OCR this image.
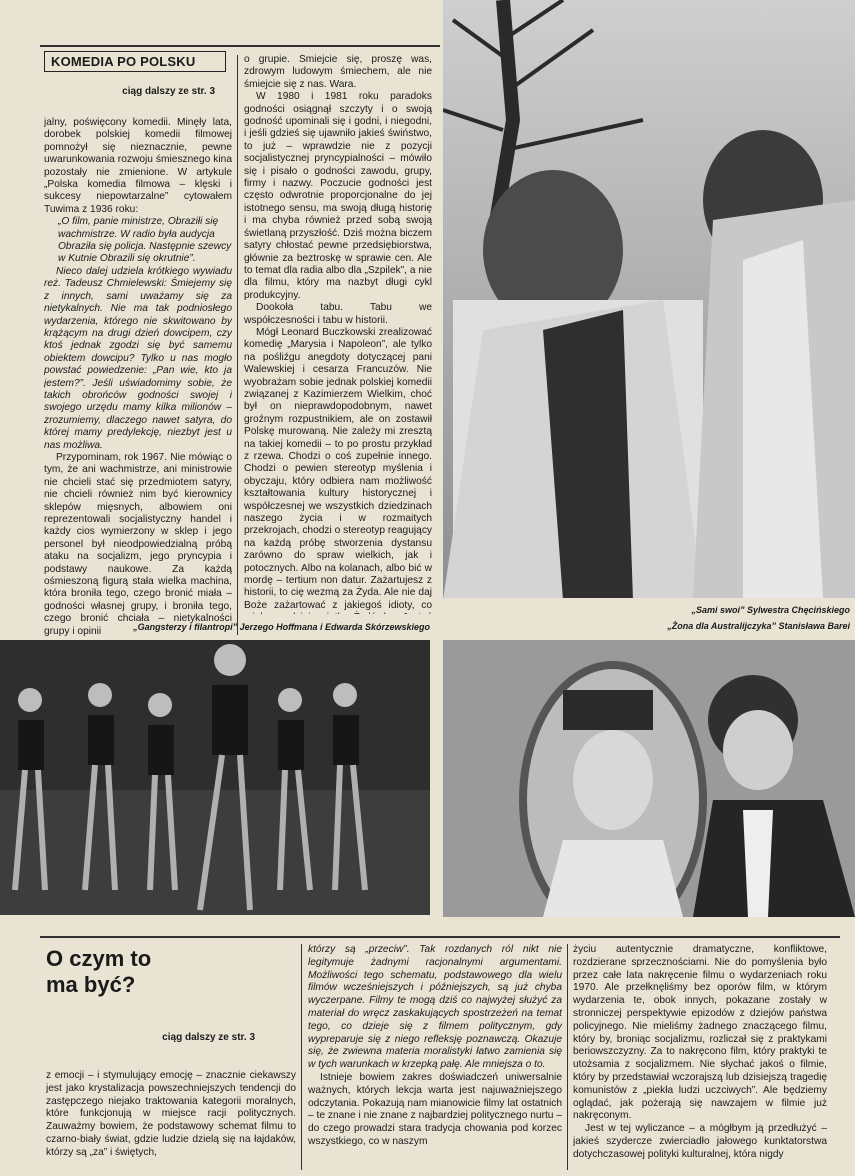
KOMEDIA PO POLSKU
ciąg dalszy ze str. 3

jalny, poświęcony komedii. Minęły lata, dorobek polskiej komedii filmowej pomnożył się nieznacznie, pewne uwarunkowania rozwoju śmiesznego kina pozostały nie zmienione. W artykule „Polska komedia filmowa – klęski i sukcesy niepowtarzalne” cytowałem Tuwima z 1936 roku:

„O film, panie ministrze, Obraziłi się wachmistrze. W radio była audycja Obraziła się policja. Następnie szewcy w Kutnie Obrazili się okrutnie”.

Nieco dalej udziela krótkiego wywiadu reż. Tadeusz Chmielewski: Śmiejemy się z innych, sami uważamy się za nietykalnych. Nie ma tak podniosłego wydarzenia, którego nie skwitowano by krążącym na drugi dzień dowcipem, czy ktoś jednak zgodzi się być samemu obiektem dowcipu? Tylko u nas mogło powstać powiedzenie: „Pan wie, kto ja jestem?”. Jeśli uświadomimy sobie, że takich obrońców godności swojej i swojego urzędu mamy kilka milionów – zrozumiemy, dlaczego nawet satyra, do której mamy predylekcję, niezbyt jest u nas możliwa.

Przypominam, rok 1967. Nie mówiąc o tym, że ani wachmistrze, ani ministrowie nie chcieli stać się przedmiotem satyry, nie chcieli również nim być kierownicy sklepów mięsnych, albowiem oni reprezentowali socjalistyczny handel i każdy cios wymierzony w sklep i jego personel był nieodpowiedzialną próbą ataku na socjalizm, jego pryncypia i podstawy naukowe. Za każdą ośmieszoną figurą stała wielka machina, która broniła tego, czego bronić miała – godności własnej grupy, i broniła tego, czego bronić chciała – nietykalności grupy i opinii

o grupie. Śmiejcie się, proszę was, zdrowym ludowym śmiechem, ale nie śmiejcie się z nas. Wara.

W 1980 i 1981 roku paradoks godności osiągnął szczyty i o swoją godność upominali się i godni, i niegodni, i jeśli gdzieś się ujawniło jakieś świństwo, to już – wprawdzie nie z pozycji socjalistycznej pryncypialności – mówiło się i pisało o godności zawodu, grupy, firmy i nazwy. Poczucie godności jest często odwrotnie proporcjonalne do jej istotnego sensu, ma swoją długą historię i ma chyba również przed sobą swoją świetlaną przyszłość. Dziś można biczem satyry chłostać pewne przedsiębiorstwa, głównie za beztroskę w sprawie cen. Ale to temat dla radia albo dla „Szpilek”, a nie dla filmu, który ma nazbyt długi cykl produkcyjny.

Dookoła tabu. Tabu we współczesności i tabu w historii.

Mógł Leonard Buczkowski zrealizować komedię „Marysia i Napoleon”, ale tylko na pośliźgu anegdoty dotyczącej pani Walewskiej i cesarza Francuzów. Nie wyobrażam sobie jednak polskiej komedii związanej z Kazimierzem Wielkim, choć był on nieprawdopodobnym, nawet groźnym rozpustnikiem, ale on zostawił Polskę murowaną. Nie zależy mi zresztą na takiej komedii – to po prostu przykład z rzewa. Chodzi o coś zupełnie innego. Chodzi o pewien stereotyp myślenia i obyczaju, który odbiera nam możliwość kształtowania kultury historycznej i współczesnej we wszystkich dziedzinach naszego życia i w rozmaitych przekrojach, chodzi o stereotyp reagujący na każdą próbę stworzenia dystansu zarówno do spraw wielkich, jak i potocznych. Albo na kolanach, albo bić w mordę – tertium non datur. Zażartujesz z historii, to cię wezmą za Żyda. Ale nie daj Boże zażartować z jakiegoś idioty, co	„Sami swoi” Sylwestra Chęcińskiego
„Żona dla Australijczyka” Stanisława Barei
„Gangsterzy i filantropi” Jerzego Hoffmana i Edwarda Skórzewskiego
O czym to
ma być?
ciąg dalszy ze str. 3

z emocji – i stymulujący emocję – znacznie ciekawszy jest jako krystalizacja powszechniejszych tendencji do zastępczego niejako traktowania kategorii moralnych, które funkcjonują w miejsce racji politycznych. Zauważmy bowiem, że podstawowy schemat filmu to czarno-biały świat, gdzie ludzie dzielą się na łajdaków, którzy są „za” i świętych,

którzy są „przeciw”. Tak rozdanych ról nikt nie legitymuje żadnymi racjonalnymi argumentami. Możliwości tego schematu, podstawowego dla wielu filmów wcześniejszych i późniejszych, są już chyba wyczerpane. Filmy te mogą dziś co najwyżej służyć za materiał do wręcz zaskakujących spostrzeżeń na temat tego, co dzieje się z filmem politycznym, gdy wypreparuje się z niego refleksję poznawczą. Okazuje się, że zwiewna materia moralistyki łatwo zamienia się w tych warunkach w krzepką pałę. Ale mniejsza o to.

Istnieje bowiem zakres doświadczeń uniwersalnie ważnych, których lekcja warta jest najuważniejszego odczytania. Pokazują nam mianowicie filmy lat ostatnich – te znane i nie znane z najbardziej politycznego nurtu – do czego prowadzi stara tradycja chowania pod korzec wszystkiego, co w naszym

życiu autentycznie dramatyczne, konfliktowe, rozdzierane sprzecznościami. Nie do pomyślenia było przez całe lata nakręcenie filmu o wydarzeniach roku 1970. Ale przełknęliśmy bez oporów film, w którym wydarzenia te, obok innych, pokazane zostały w stronniczej perspektywie epizodów z dziejów państwa policyjnego. Nie mieliśmy żadnego znaczącego filmu, który by, broniąc socjalizmu, rozliczał się z praktykami beriowszczyzny. Za to nakręcono film, który praktyki te utożsamia z socjalizmem. Nie słychać jakoś o filmie, który by przedstawiał wczorajszą lub dzisiejszą tragedię komunistów z „piekła ludzi uczciwych”. Ale będziemy oglądać, jak pożerają się nawzajem w filmie już nakręconym.

Jest w tej wyliczance – a mógłbym ją przedłużyć – jakieś szydercze zwierciadło jałowego kunktatorstwa dotychczasowej polityki kulturalnej, która nigdy
